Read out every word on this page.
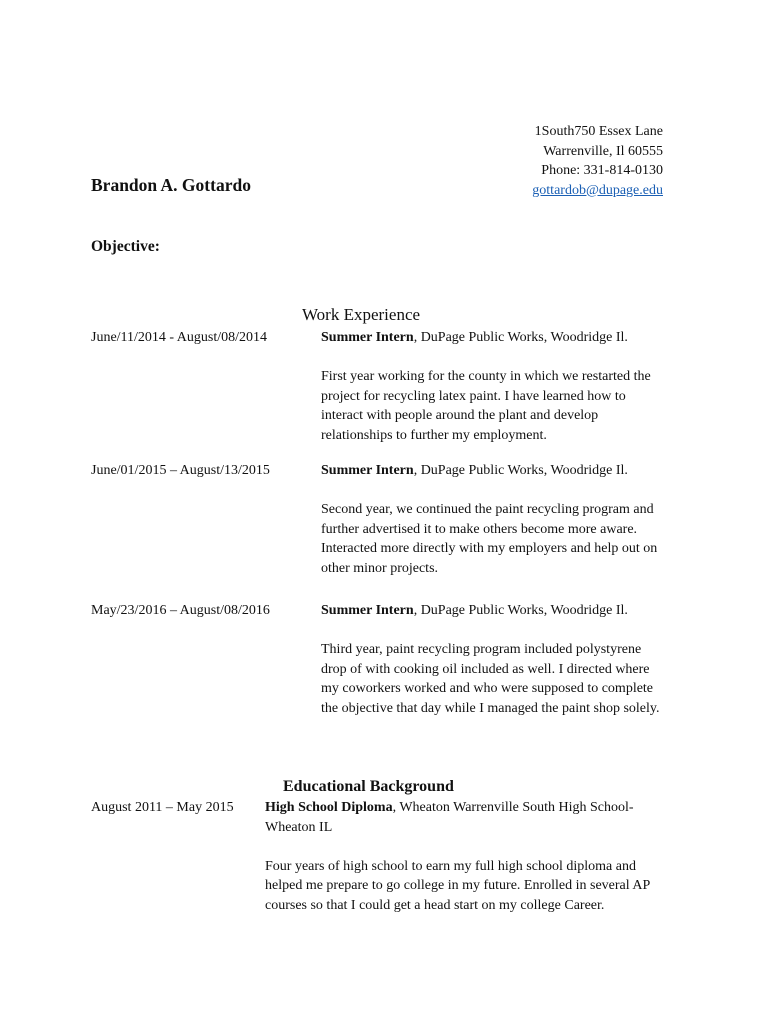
1South750 Essex Lane
Warrenville, Il 60555
Phone: 331-814-0130
gottardob@dupage.edu
Brandon A. Gottardo
Objective:
Work Experience
June/11/2014 - August/08/2014	Summer Intern, DuPage Public Works, Woodridge Il.

First year working for the county in which we restarted the project for recycling latex paint. I have learned how to interact with people around the plant and develop relationships to further my employment.

June/01/2015 – August/13/2015	Summer Intern, DuPage Public Works, Woodridge Il.

Second year, we continued the paint recycling program and further advertised it to make others become more aware. Interacted more directly with my employers and help out on other minor projects.

May/23/2016 – August/08/2016	Summer Intern, DuPage Public Works, Woodridge Il.

Third year, paint recycling program included polystyrene drop of with cooking oil included as well. I directed where my coworkers worked and who were supposed to complete the objective that day while I managed the paint shop solely.

Educational Background
August 2011 – May 2015 High School Diploma, Wheaton Warrenville South High School-Wheaton IL

Four years of high school to earn my full high school diploma and helped me prepare to go college in my future. Enrolled in several AP courses so that I could get a head start on my college Career.
